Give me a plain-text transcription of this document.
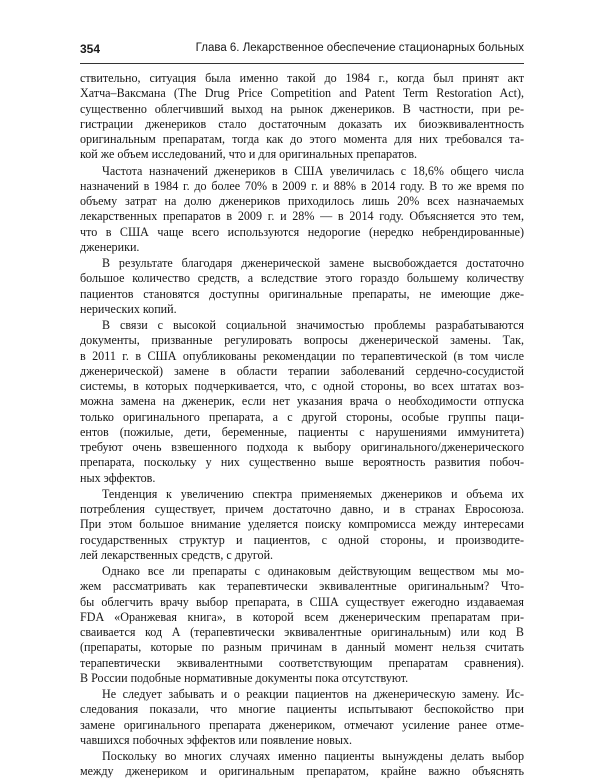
354	Глава 6. Лекарственное обеспечение стационарных больных
ствительно, ситуация была именно такой до 1984 г., когда был принят акт
Хатча–Ваксмана (The Drug Price Competition and Patent Term Restoration Act),
существенно облегчивший выход на рынок дженериков. В частности, при ре-
гистрации дженериков стало достаточным доказать их биоэквивалентность
оригинальным препаратам, тогда как до этого момента для них требовался та-
кой же объем исследований, что и для оригинальных препаратов.
Частота назначений дженериков в США увеличилась с 18,6% общего числа
назначений в 1984 г. до более 70% в 2009 г. и 88% в 2014 году. В то же время по
объему затрат на долю дженериков приходилось лишь 20% всех назначаемых
лекарственных препаратов в 2009 г. и 28% — в 2014 году. Объясняется это тем,
что в США чаще всего используются недорогие (нередко небрендированные)
дженерики.
В результате благодаря дженерической замене высвобождается достаточно
большое количество средств, а вследствие этого гораздо большему количеству
пациентов становятся доступны оригинальные препараты, не имеющие дже-
нерических копий.
В связи с высокой социальной значимостью проблемы разрабатываются
документы, призванные регулировать вопросы дженерической замены. Так,
в 2011 г. в США опубликованы рекомендации по терапевтической (в том числе
дженерической) замене в области терапии заболеваний сердечно-сосудистой
системы, в которых подчеркивается, что, с одной стороны, во всех штатах воз-
можна замена на дженерик, если нет указания врача о необходимости отпуска
только оригинального препарата, а с другой стороны, особые группы паци-
ентов (пожилые, дети, беременные, пациенты с нарушениями иммунитета)
требуют очень взвешенного подхода к выбору оригинального/дженерического
препарата, поскольку у них существенно выше вероятность развития побоч-
ных эффектов.
Тенденция к увеличению спектра применяемых дженериков и объема их
потребления существует, причем достаточно давно, и в странах Евросоюза.
При этом большое внимание уделяется поиску компромисса между интересами
государственных структур и пациентов, с одной стороны, и производите-
лей лекарственных средств, с другой.
Однако все ли препараты с одинаковым действующим веществом мы мо-
жем рассматривать как терапевтически эквивалентные оригинальным? Что-
бы облегчить врачу выбор препарата, в США существует ежегодно издаваемая
FDA «Оранжевая книга», в которой всем дженерическим препаратам при-
сваивается код А (терапевтически эквивалентные оригинальным) или код В
(препараты, которые по разным причинам в данный момент нельзя считать
терапевтически эквивалентными соответствующим препаратам сравнения).
В России подобные нормативные документы пока отсутствуют.
Не следует забывать и о реакции пациентов на дженерическую замену. Ис-
следования показали, что многие пациенты испытывают беспокойство при
замене оригинального препарата дженериком, отмечают усиление ранее отме-
чавшихся побочных эффектов или появление новых.
Поскольку во многих случаях именно пациенты вынуждены делать выбор
между дженериком и оригинальным препаратом, крайне важно объяснять
